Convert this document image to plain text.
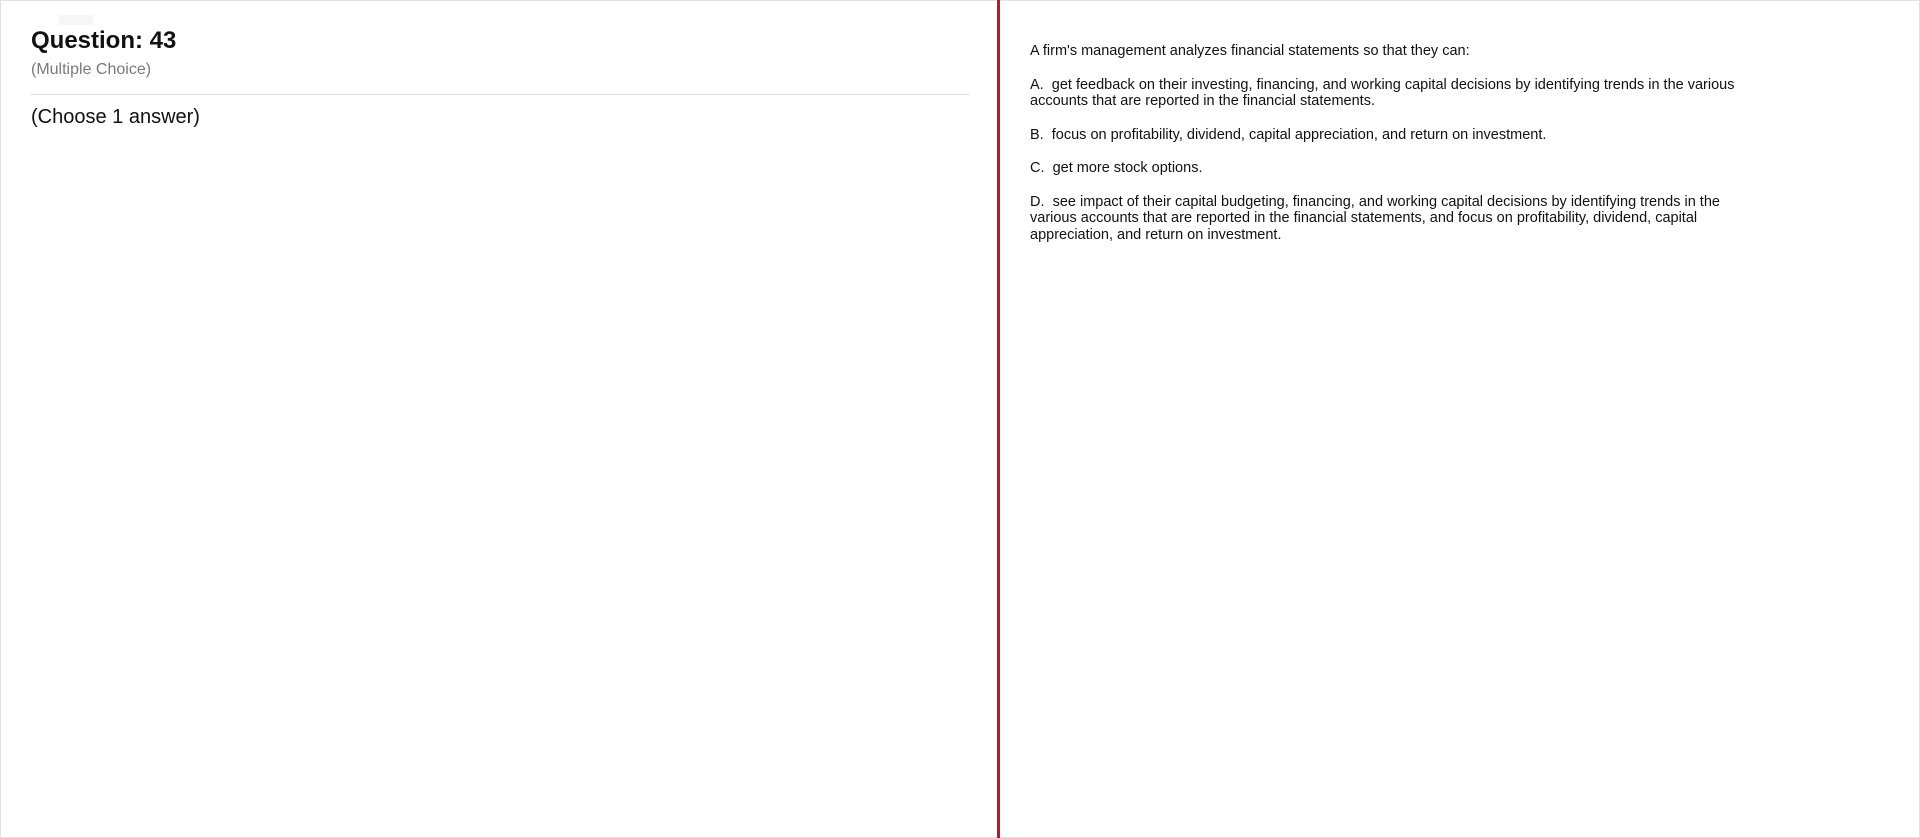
Question: 43
(Multiple Choice)
(Choose 1 answer)

A firm's management analyzes financial statements so that they can:

A. get feedback on their investing, financing, and working capital decisions by identifying trends in the various accounts that are reported in the financial statements.

B. focus on profitability, dividend, capital appreciation, and return on investment.

C. get more stock options.

D. see impact of their capital budgeting, financing, and working capital decisions by identifying trends in the various accounts that are reported in the financial statements, and focus on profitability, dividend, capital appreciation, and return on investment.
